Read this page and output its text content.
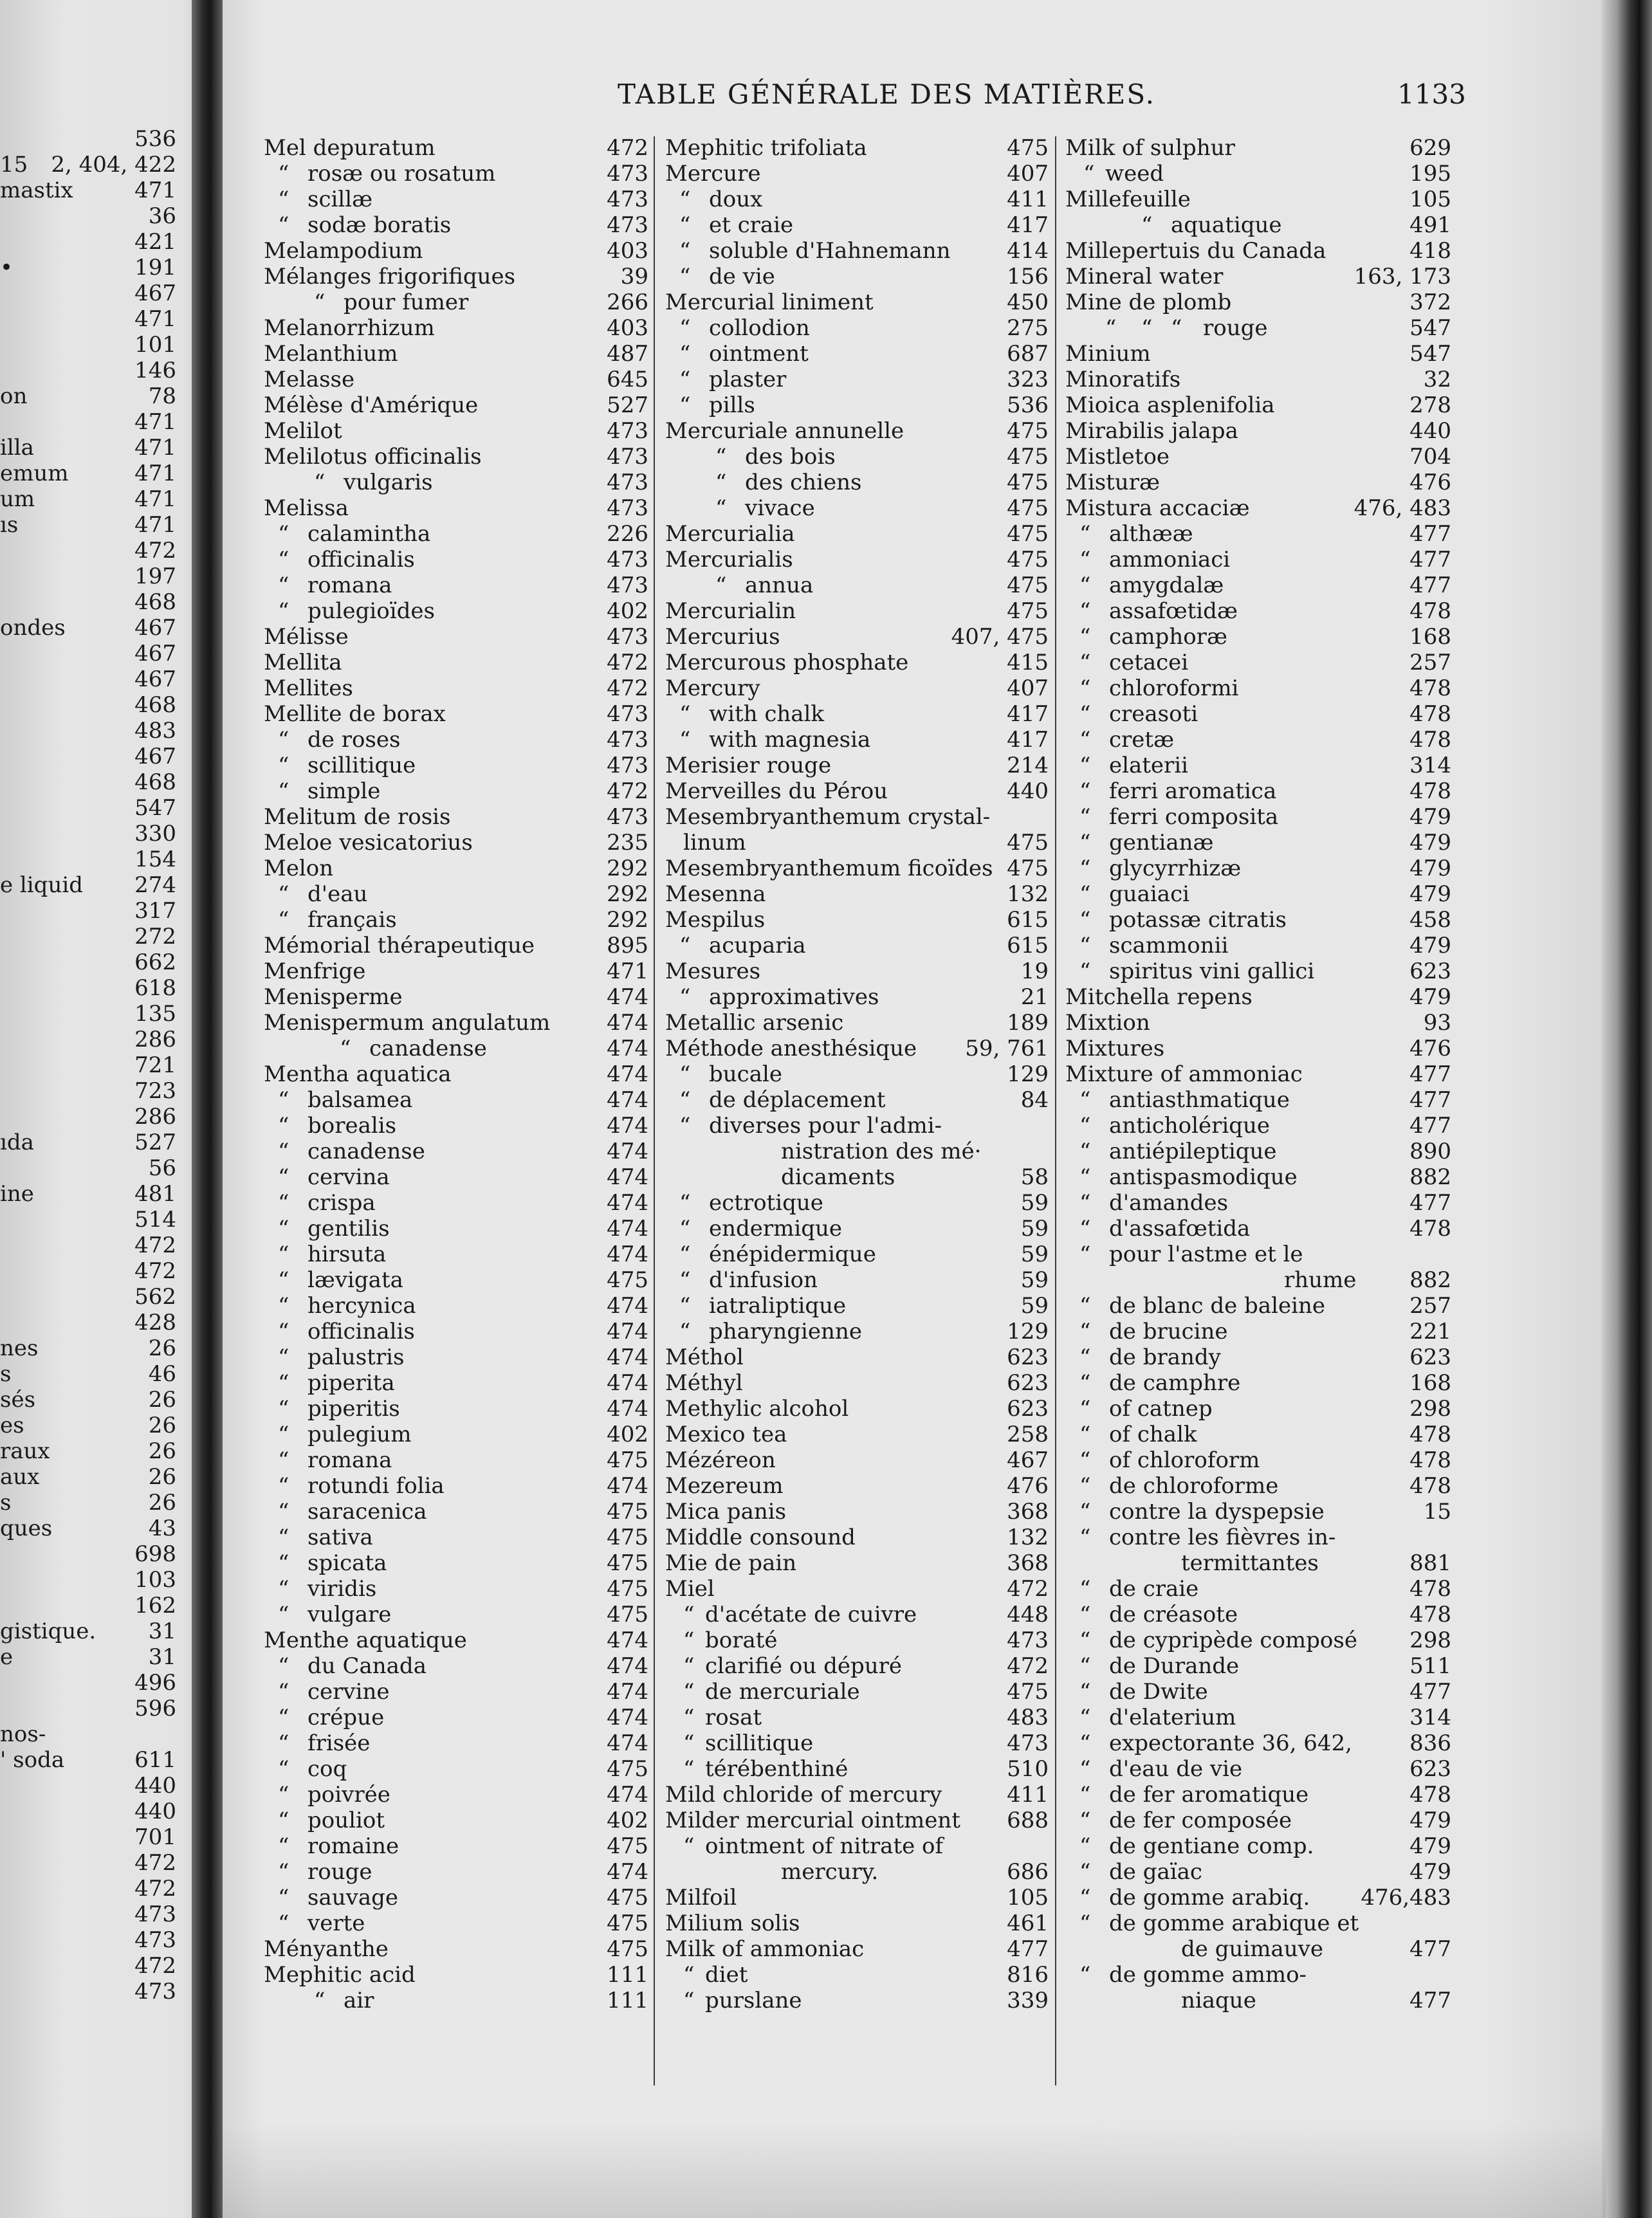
536
15 2, 404, 422
mastix	471
36
421
•	191
467
471
101
146
on	78
471
illa	471
emum	471
um	471
ıs	471
472
197
468
ondes	467
467
467
468
483
467
468
547
330
154
e liquid 274
317
272
662
618
135
286
721
723
286
ıda	527
56
ine	481
514
472
472
562
428
nes	26
s	46
sés	26
es	26
raux	26
aux	26
s	26
ques	43
698
103
162
gistique. 31
e	31
496
596
nos-
' soda	611
440
440
701
472
472
473
473
472
473
TABLE GÉNÉRALE DES MATIÈRES.	1133
Mel depuratum	472
“ rosæ ou rosatum	473
“ scillæ	473
“ sodæ boratis	473
Melampodium	403
Mélanges frigorifiques	39
“ pour fumer	266
Melanorrhizum	403
Melanthium	487
Melasse	645
Mélèse d'Amérique	527
Melilot	473
Melilotus officinalis	473
“ vulgaris	473
Melissa	473
“ calamintha	226
“ officinalis	473
“ romana	473
“ pulegioïdes	402
Mélisse	473
Mellita	472
Mellites	472
Mellite de borax	473
“ de roses	473
“ scillitique	473
“ simple	472
Melitum de rosis	473
Meloe vesicatorius	235
Melon	292
“ d'eau	292
“ français	292
Mémorial thérapeutique	895
Menfrige	471
Menisperme	474
Menispermum angulatum	474
“ canadense	474
Mentha aquatica	474
“ balsamea	474
“ borealis	474
“ canadense	474
“ cervina	474
“ crispa	474
“ gentilis	474
“ hirsuta	474
“ lævigata	475
“ hercynica	474
“ officinalis	474
“ palustris	474
“ piperita	474
“ piperitis	474
“ pulegium	402
“ romana	475
“ rotundi folia	474
“ saracenica	475
“ sativa	475
“ spicata	475
“ viridis	475
“ vulgare	475
Menthe aquatique	474
“ du Canada	474
“ cervine	474
“ crépue	474
“ frisée	474
“ coq	475
“ poivrée	474
“ pouliot	402
“ romaine	475
“ rouge	474
“ sauvage	475
“ verte	475
Ményanthe	475
Mephitic acid	111
“ air	111
Mephitic trifoliata	475
Mercure	407
“ doux	411
“ et craie	417
“ soluble d'Hahnemann	414
“ de vie	156
Mercurial liniment	450
“ collodion	275
“ ointment	687
“ plaster	323
“ pills	536
Mercuriale annunelle	475
“ des bois	475
“ des chiens	475
“ vivace	475
Mercurialia	475
Mercurialis	475
“ annua	475
Mercurialin	475
Mercurius	407, 475
Mercurous phosphate	415
Mercury	407
“ with chalk	417
“ with magnesia	417
Merisier rouge	214
Merveilles du Pérou	440
Mesembryanthemum crystal-
linum	475
Mesembryanthemum ficoïdes 475
Mesenna	132
Mespilus	615
“ acuparia	615
Mesures	19
“ approximatives	21
Metallic arsenic	189
Méthode anesthésique 59, 761
“ bucale	129
“ de déplacement	84
“ diverses pour l'admi-
nistration des mé·
dicaments	58
“ ectrotique	59
“ endermique	59
“ énépidermique	59
“ d'infusion	59
“ iatraliptique	59
“ pharyngienne	129
Méthol	623
Méthyl	623
Methylic alcohol	623
Mexico tea	258
Mézéreon	467
Mezereum	476
Mica panis	368
Middle consound	132
Mie de pain	368
Miel	472
“ d'acétate de cuivre	448
“ boraté	473
“ clarifié ou dépuré	472
“ de mercuriale	475
“ rosat	483
“ scillitique	473
“ térébenthiné	510
Mild chloride of mercury	411
Milder mercurial ointment 688
“ ointment of nitrate of
mercury.	686
Milfoil	105
Milium solis	461
Milk of ammoniac	477
“ diet	816
“ purslane	339
Milk of sulphur	629
“ weed	195
Millefeuille	105
“ aquatique	491
Millepertuis du Canada	418
Mineral water	163, 173
Mine de plomb	372
“ “ “ rouge	547
Minium	547
Minoratifs	32
Mioica asplenifolia	278
Mirabilis jalapa	440
Mistletoe	704
Misturæ	476
Mistura accaciæ	476, 483
“ althææ	477
“ ammoniaci	477
“ amygdalæ	477
“ assafœtidæ	478
“ camphoræ	168
“ cetacei	257
“ chloroformi	478
“ creasoti	478
“ cretæ	478
“ elaterii	314
“ ferri aromatica	478
“ ferri composita	479
“ gentianæ	479
“ glycyrrhizæ	479
“ guaiaci	479
“ potassæ citratis	458
“ scammonii	479
“ spiritus vini gallici	623
Mitchella repens	479
Mixtion	93
Mixtures	476
Mixture of ammoniac	477
“ antiasthmatique	477
“ anticholérique	477
“ antiépileptique	890
“ antispasmodique	882
“ d'amandes	477
“ d'assafœtida	478
“ pour l'astme et le
rhume 882
“ de blanc de baleine	257
“ de brucine	221
“ de brandy	623
“ de camphre	168
“ of catnep	298
“ of chalk	478
“ of chloroform	478
“ de chloroforme	478
“ contre la dyspepsie	15
“ contre les fièvres in-
termittantes	881
“ de craie	478
“ de créasote	478
“ de cypripède composé 298
“ de Durande	511
“ de Dwite	477
“ d'elaterium	314
“ expectorante 36, 642,	836
“ d'eau de vie	623
“ de fer aromatique	478
“ de fer composée	479
“ de gentiane comp.	479
“ de gaïac	479
“ de gomme arabiq. 476,483
“ de gomme arabique et
de guimauve	477
“ de gomme ammo-
niaque	477
